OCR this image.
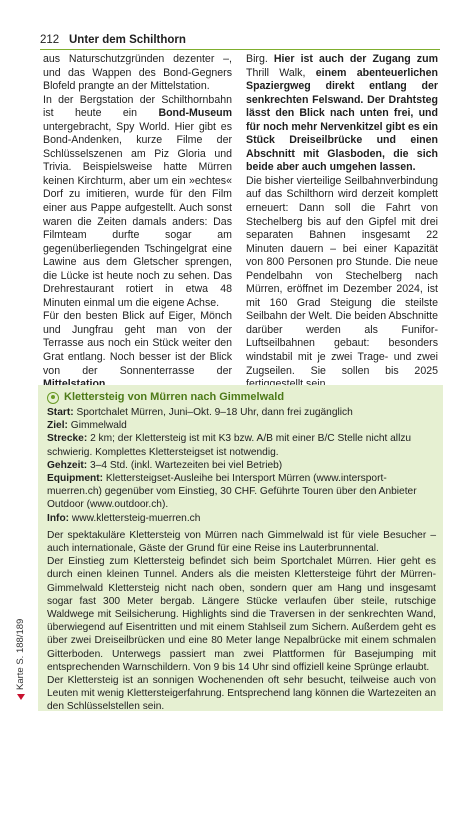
212 Unter dem Schilthorn

aus Naturschutzgründen dezenter –, und das Wappen des Bond-Gegners Blofeld prangte an der Mittelstation.

In der Bergstation der Schilthornbahn ist heute ein Bond-Museum untergebracht, Spy World. Hier gibt es Bond-Andenken, kurze Filme der Schlüsselszenen am Piz Gloria und Trivia. Beispielsweise hatte Mürren keinen Kirchturm, aber um ein »echtes« Dorf zu imitieren, wurde für den Film einer aus Pappe aufgestellt. Auch sonst waren die Zeiten damals anders: Das Filmteam durfte sogar am gegenüberliegenden Tschingelgrat eine Lawine aus dem Gletscher sprengen, die Lücke ist heute noch zu sehen. Das Drehrestaurant rotiert in etwa 48 Minuten einmal um die eigene Achse.

Für den besten Blick auf Eiger, Mönch und Jungfrau geht man von der Terrasse aus noch ein Stück weiter den Grat entlang. Noch besser ist der Blick von der Sonnenterrasse der

Birg. Hier ist auch der Zugang zum Thrill Walk, einem abenteuerlichen Spaziergweg direkt entlang der senkrechten Felswand. Der Drahtsteg lässt den Blick nach unten frei, und für noch mehr Nervenkitzel gibt es ein Stück Dreiseilbrücke und einen Abschnitt mit Glasboden, die sich beide aber auch umgehen lassen.

Die bisher vierteilige Seilbahnverbindung auf das Schilthorn wird derzeit komplett erneuert: Dann soll die Fahrt von Stechelberg bis auf den Gipfel mit drei separaten Bahnen insgesamt 22 Minuten dauern – bei einer Kapazität von 800 Personen pro Stunde. Die neue Pendelbahn von Stechelberg nach Mürren, eröffnet im Dezember 2024, ist mit 160 Grad Steigung die steilste Seilbahn der Welt. Die beiden Abschnitte darüber werden als Funifor-Luftseilbahnen gebaut: besonders windstabil mit je zwei Trage- und zwei Zugseilen. Sie sollen bis 2025

Klettersteig von Mürren nach Gimmelwald

Start: Sportchalet Mürren, Juni–Okt. 9–18 Uhr, dann frei zugänglich

Ziel: Gimmelwald

Strecke: 2 km; der Klettersteig ist mit K3 bzw. A/B mit einer B/C Stelle nicht allzu schwierig. Komplettes Klettersteigset ist notwendig.

Gehzeit: 3–4 Std. (inkl. Wartezeiten bei viel Betrieb)

Equipment: Klettersteigset-Ausleihe bei Intersport Mürren (www.intersport-muerren.ch) gegenüber vom Einstieg, 30 CHF. Geführte Touren über den Anbieter Outdoor (www.outdoor.ch).

Info: www.klettersteig-muerren.ch

Der spektakuläre Klettersteig von Mürren nach Gimmelwald ist für viele Besucher – auch internationale, Gäste der Grund für eine Reise ins Lauterbrunnental.

Der Einstieg zum Klettersteig befindet sich beim Sportchalet Mürren. Hier geht es durch einen kleinen Tunnel. Anders als die meisten Klettersteige führt der Mürren-Gimmelwald Klettersteig nicht nach oben, sondern quer am Hang und insgesamt sogar fast 300 Meter bergab. Längere Stücke verlaufen über steile, rutschige Waldwege mit Seilsicherung. Highlights sind die Traversen in der senkrechten Wand, überwiegend auf Eisentritten und mit einem Stahlseil zum Sichern. Außerdem geht es über zwei Dreiseilbrücken und eine 80 Meter lange Nepalbrücke mit einem schmalen Gitterboden. Unterwegs passiert man zwei Plattformen für Basejumping mit entsprechenden Warnschildern. Von 9 bis 14 Uhr sind offiziell keine Sprünge erlaubt.

Der Klettersteig ist an sonnigen Wochenenden oft sehr besucht, teilweise auch von Leuten mit wenig Klettersteigerfahrung. Entsprechend lang können die Wartezeiten an den Schlüsselstellen sein.

Karte S. 188/189
